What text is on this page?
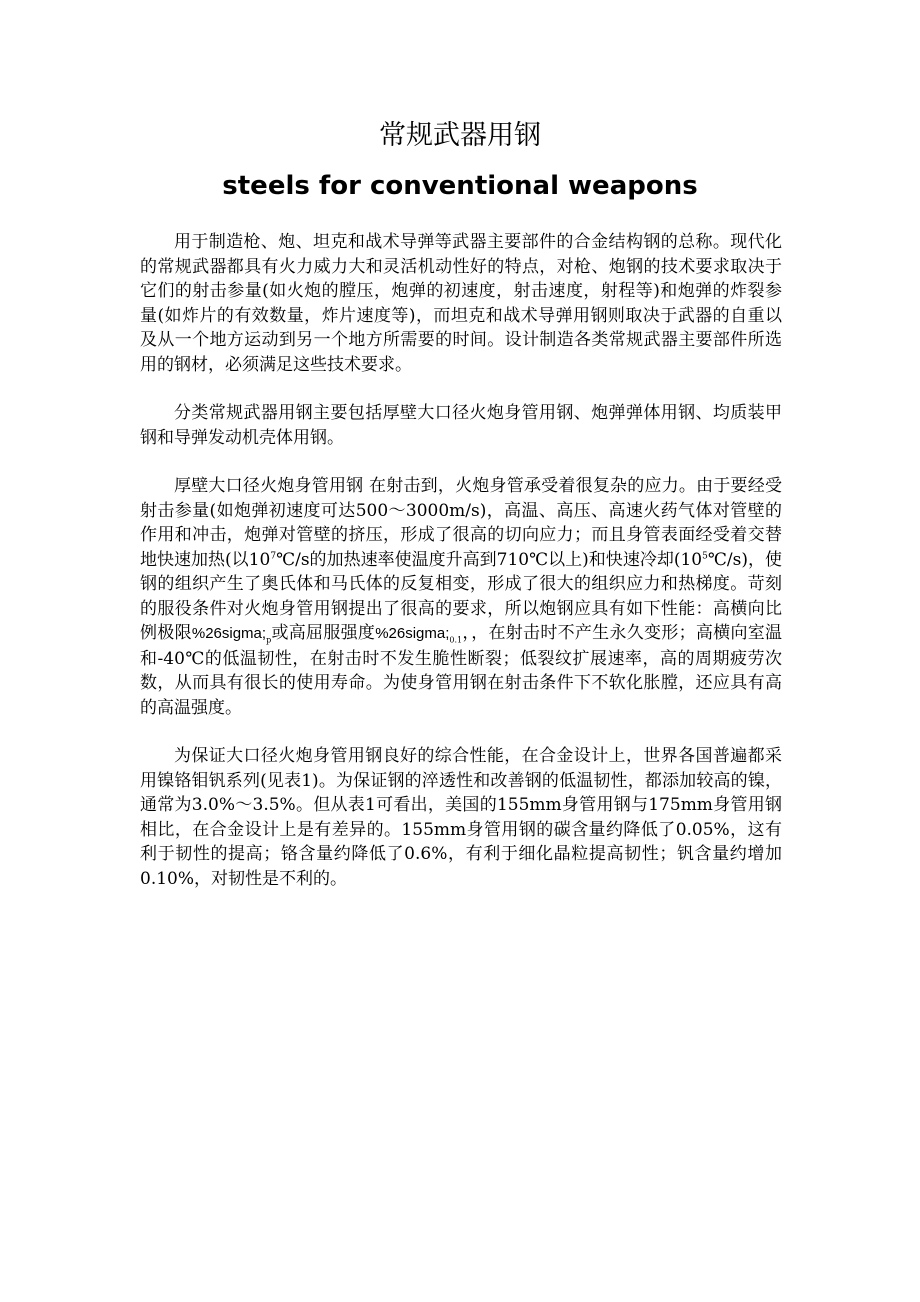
常规武器用钢
steels for conventional weapons

用于制造枪、炮、坦克和战术导弹等武器主要部件的合金结构钢的总称。现代化的常规武器都具有火力威力大和灵活机动性好的特点，对枪、炮钢的技术要求取决于它们的射击参量(如火炮的膛压，炮弹的初速度，射击速度，射程等)和炮弹的炸裂参量(如炸片的有效数量，炸片速度等)，而坦克和战术导弹用钢则取决于武器的自重以及从一个地方运动到另一个地方所需要的时间。设计制造各类常规武器主要部件所选用的钢材，必须满足这些技术要求。

分类常规武器用钢主要包括厚壁大口径火炮身管用钢、炮弹弹体用钢、均质装甲钢和导弹发动机壳体用钢。

厚壁大口径火炮身管用钢 在射击到，火炮身管承受着很复杂的应力。由于要经受射击参量(如炮弹初速度可达500～3000m/s)，高温、高压、高速火药气体对管壁的作用和冲击，炮弹对管壁的挤压，形成了很高的切向应力；而且身管表面经受着交替地快速加热(以$10^7℃/s$的加热速率使温度升高到710℃以上)和快速冷却$(10^5℃/s)$，使钢的组织产生了奥氏体和马氏体的反复相变，形成了很大的组织应力和热梯度。苛刻的服役条件对火炮身管用钢提出了很高的要求，所以炮钢应具有如下性能：高横向比例极限$\%26sigma;_p$或高屈服强度$\%26sigma;_{0.1}$，，在射击时不产生永久变形；高横向室温和-40℃的低温韧性，在射击时不发生脆性断裂；低裂纹扩展速率，高的周期疲劳次数，从而具有很长的使用寿命。为使身管用钢在射击条件下不软化胀膛，还应具有高的高温强度。

为保证大口径火炮身管用钢良好的综合性能，在合金设计上，世界各国普遍都采用镍铬钼钒系列(见表1)。为保证钢的淬透性和改善钢的低温韧性，都添加较高的镍，通常为3.0%～3.5%。但从表1可看出，美国的155mm身管用钢与175mm身管用钢相比，在合金设计上是有差异的。155mm身管用钢的碳含量约降低了0.05%，这有利于韧性的提高；铬含量约降低了0.6%，有利于细化晶粒提高韧性；钒含量约增加0.10%，对韧性是不利的。
